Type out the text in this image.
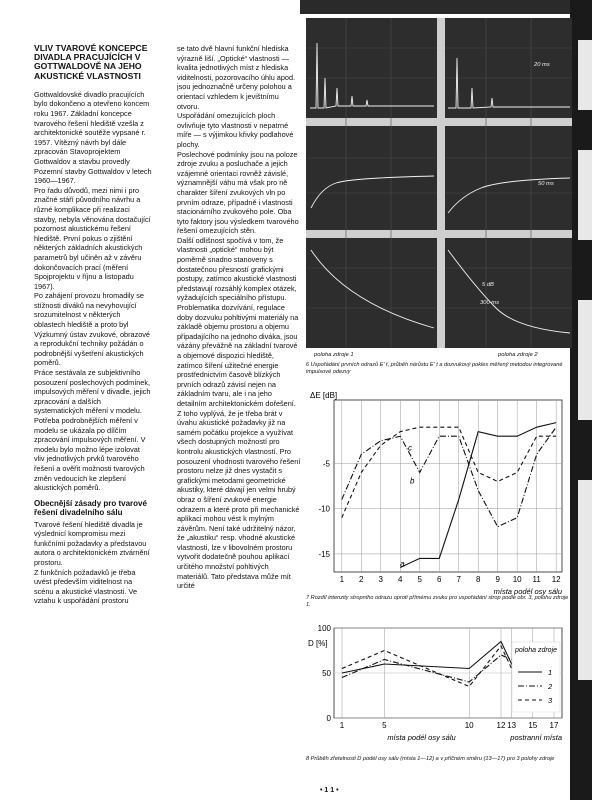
VLIV TVAROVÉ KONCEPCE DIVADLA PRACUJÍCÍCH V GOTTWALDOVĚ NA JEHO AKUSTICKÉ VLASTNOSTI

Gottwaldovské divadlo pracujících bylo dokončeno a otevřeno koncem roku 1967. Základní koncepce tvarového řešení hlediště vzešla z architektonické soutěže vypsané r. 1957. Vítězný návrh byl dále zpracován Stavoprojektem Gottwaldov a stavbu provedly Pozemní stavby Gottwaldov v letech 1960—1967.

Pro řadu důvodů, mezi nimi i pro značné stáří původního návrhu a různé komplikace při realizaci stavby, nebyla věnována dostačující pozornost akustickému řešení hlediště. První pokus o zjištění některých základních akustických parametrů byl učiněn až v závěru dokončovacích prací (měření Spojprojektu v říjnu a listopadu 1967).

Po zahájení provozu hromadily se stížnosti diváků na nevyhovující srozumitelnost v některých oblastech hlediště a proto byl Výzkumný ústav zvukové, obrazové a reprodukční techniky požádán o podrobnější vyšetření akustických poměrů.

Práce sestávala ze subjektivního posouzení poslechových podmínek, impulsových měření v divadle, jejich zpracování a dalších systematických měření v modelu. Potřeba podrobnějších měření v modelu se ukázala po dílčím zpracování impulsových měření. V modelu bylo možno lépe izolovat vliv jednotlivých prvků tvarového řešení a ověřit možnosti tvarových změn vedoucích ke zlepšení akustických poměrů.

Obecnější zásady pro tvarové řešení divadelního sálu

Tvarové řešení hlediště divadla je výslednicí kompromisu mezi funkčními požadavky a představou autora o architektonickém ztvárnění prostoru.

Z funkčních požadavků je třeba uvést především viditelnost na scénu a akustické vlastnosti. Ve vztahu k uspořádání prostoru

se tato dvě hlavní funkční hlediska výrazně liší. „Optické“ vlastnosti — kvalita jednotlivých míst z hlediska viditelnosti, pozorovacího úhlu apod. jsou jednoznačně určeny polohou a orientací vzhledem k jevištnímu otvoru.

Uspořádání omezujících ploch ovlivňuje tyto vlastnosti v nepatrné míře — s výjimkou křivky podlahové plochy.

Poslechové podmínky jsou na poloze zdroje zvuku a posluchače a jejich vzájemné orientaci rovněž závislé, významnější váhu má však pro ně charakter šíření zvukových vln po prvním odraze, případně i vlastnosti stacionárního zvukového pole. Oba tyto faktory jsou výsledkem tvarového řešení omezujících stěn.

Další odlišnost spočívá v tom, že vlastnosti „optické“ mohou být poměrně snadno stanoveny s dostatečnou přesností grafickými postupy, zatímco akustické vlastnosti představují rozsáhlý komplex otázek, vyžadujících speciálního přístupu. Problematika dozvívání, regulace doby dozvuku pohltivými materiály na základě objemu prostoru a objemu připadajícího na jednoho diváka, jsou vázány převážně na základní tvarové a objemové dispozici hlediště, zatímco šíření užitečné energie prostřednictvím časově blízkých prvních odrazů závisí nejen na základním tvaru, ale i na jeho detailním architektonickém dořešení.

Z toho vyplývá, že je třeba brát v úvahu akustické požadavky již na samém počátku projekce a využívat všech dostupných možností pro kontrolu akustických vlastností. Pro posouzení vhodnosti tvarového řešení prostoru nelze již dnes vystačit s grafickými metodami geometrické akustiky, které dávají jen velmi hrubý obraz o šíření zvukové energie odrazem a které proto při mechanické aplikaci mohou vést k mylným závěrům. Není také udržitelný názor, že „akustiku“ resp. vhodné akustické vlastnosti, lze v libovolném prostoru vytvořit dodatečně pouhou aplikací určitého množství pohltivých materiálů. Tato představa může mít určité

20 ms
50 ms
5 dB
300 ms
poloha zdroje 1	poloha zdroje 2
6 Uspořádání prvních odrazů E' t, průběh nárůstu E' t a dozvukový pokles měřený metodou integrované impulsové odezvy
1 2 3 4 5 6 7 8 9 10 11 12
-5
-10
-15
ΔE [dB]
místa podél osy sálu
a
b
c
7 Rozdíl intenzity stropního odrazu oproti přímému zvuku pro uspořádání strop podle obr. 3, polohu zdroje 1.
1	5	10	12 13 15 17
0
50
100
D [%]
místa podél osy sálu	postranní místa
poloha zdroje
1
2
3
8 Průběh zřetelnosti D podél osy sálu (místa 1—12) a v příčném směru (13—17) pro 3 polohy zdroje
• 1 1 •
